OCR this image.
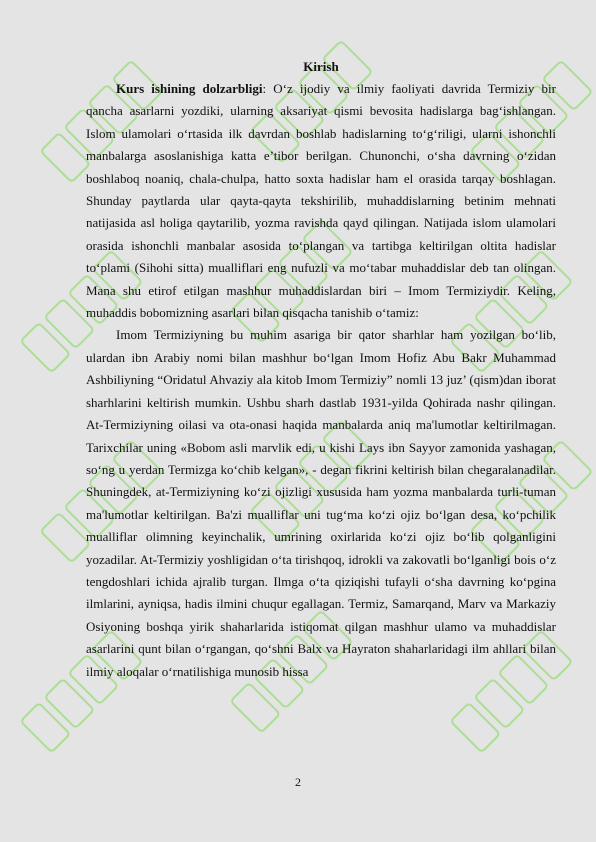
Kirish

Kurs ishining dolzarbligi: O‘z ijodiy va ilmiy faoliyati davrida Termiziy bir qancha asarlarni yozdiki, ularning aksariyat qismi bevosita hadislarga bag‘ishlangan. Islom ulamolari o‘rtasida ilk davrdan boshlab hadislarning to‘g‘riligi, ularni ishonchli manbalarga asoslanishiga katta e’tibor berilgan. Chunonchi, o‘sha davrning o‘zidan boshlaboq noaniq, chala-chulpa, hatto soxta hadislar ham el orasida tarqay boshlagan. Shunday paytlarda ular qayta-qayta tekshirilib, muhaddislarning betinim mehnati natijasida asl holiga qaytarilib, yozma ravishda qayd qilingan. Natijada islom ulamolari orasida ishonchli manbalar asosida to‘plangan va tartibga keltirilgan oltita hadislar to‘plami (Sihohi sitta) mualliflari eng nufuzli va mo‘tabar muhaddislar deb tan olingan. Mana shu etirof etilgan mashhur muhaddislardan biri – Imom Termiziydir. Keling, muhaddis bobomizning asarlari bilan qisqacha tanishib o‘tamiz:

Imom Termiziyning bu muhim asariga bir qator sharhlar ham yozilgan bo‘lib, ulardan ibn Arabiy nomi bilan mashhur bo‘lgan Imom Hofiz Abu Bakr Muhammad Ashbiliyning “Oridatul Ahvaziy ala kitob Imom Termiziy” nomli 13 juz’ (qism)dan iborat sharhlarini keltirish mumkin. Ushbu sharh dastlab 1931-yilda Qohirada nashr qilingan. At-Termiziyning oilasi va ota-onasi haqida manbalarda aniq ma'lumotlar keltirilmagan. Tarixchilar uning «Bobom asli marvlik edi, u kishi Lays ibn Sayyor zamonida yashagan, so‘ng u yerdan Termizga ko‘chib kelgan», - degan fikrini keltirish bilan chegaralanadilar. Shuningdek, at-Termiziyning ko‘zi ojizligi xususida ham yozma manbalarda turli-tuman ma'lumotlar keltirilgan. Ba'zi mualliflar uni tug‘ma ko‘zi ojiz bo‘lgan desa, ko‘pchilik mualliflar olimning keyinchalik, umrining oxirlarida ko‘zi ojiz bo‘lib qolganligini yozadilar. At-Termiziy yoshligidan o‘ta tirishqoq, idrokli va zakovatli bo‘lganligi bois o‘z tengdoshlari ichida ajralib turgan. Ilmga o‘ta qiziqishi tufayli o‘sha davrning ko‘pgina ilmlarini, ayniqsa, hadis ilmini chuqur egallagan. Termiz, Samarqand, Marv va Markaziy Osiyoning boshqa yirik shaharlarida istiqomat qilgan mashhur ulamo va muhaddislar asarlarini qunt bilan o‘rgangan, qo‘shni Balx va Hayraton shaharlaridagi ilm ahllari bilan ilmiy aloqalar o‘rnatilishiga munosib hissa

2
